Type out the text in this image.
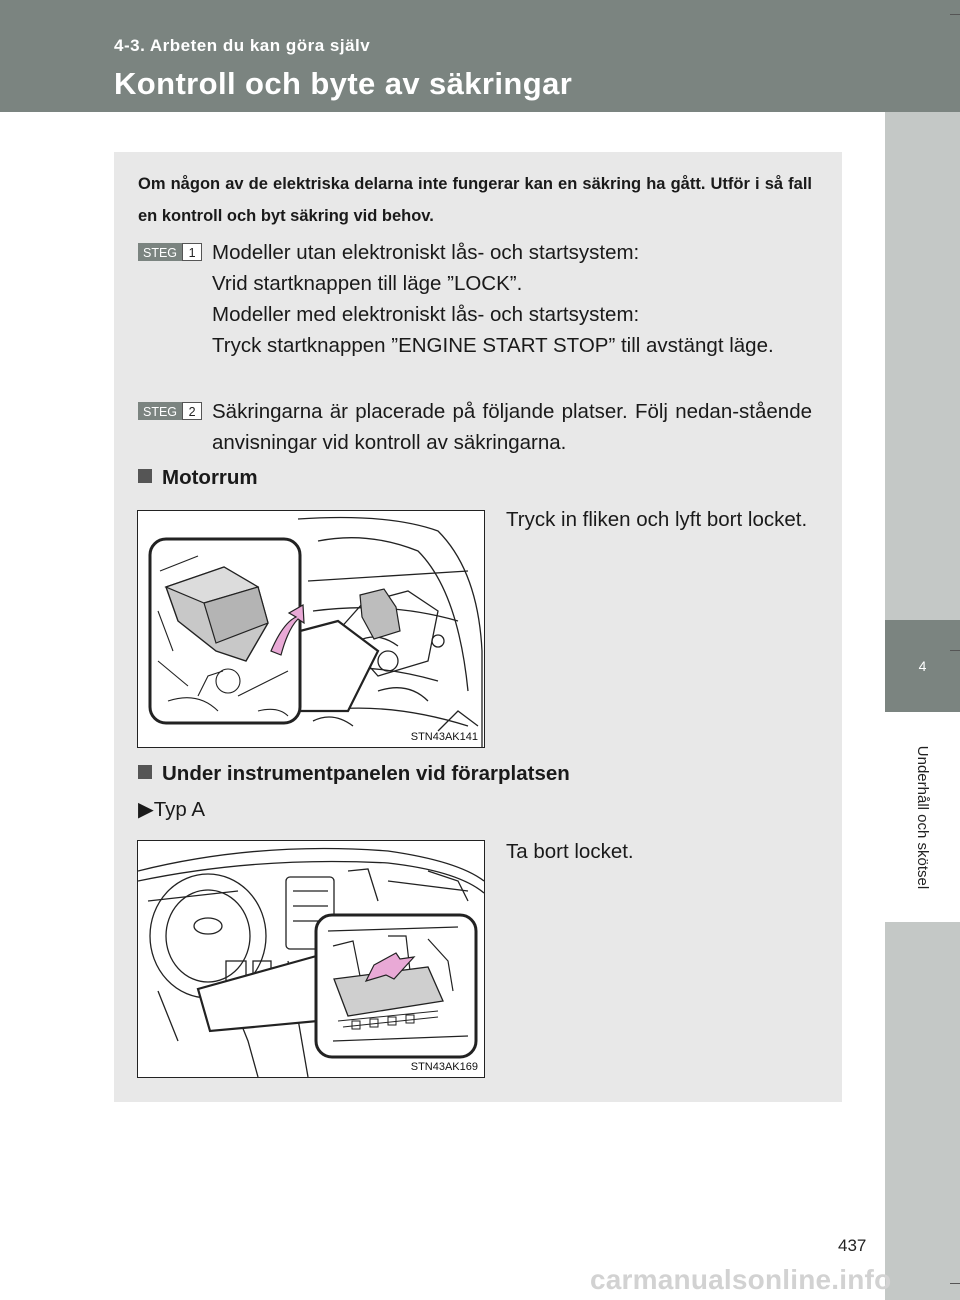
4-3. Arbeten du kan göra själv
Kontroll och byte av säkringar
4
Underhåll och skötsel
Om någon av de elektriska delarna inte fungerar kan en säkring ha gått. Utför i så fall en kontroll och byt säkring vid behov.
STEG 1 Modeller utan elektroniskt lås- och startsystem:
Vrid startknappen till läge ”LOCK”.
Modeller med elektroniskt lås- och startsystem:
Tryck startknappen ”ENGINE START STOP” till avstängt läge.
STEG 2 Säkringarna är placerade på följande platser. Följ nedan-stående anvisningar vid kontroll av säkringarna.
Motorrum
STN43AK141
Tryck in fliken och lyft bort locket.
Under instrumentpanelen vid förarplatsen
▶Typ A
STN43AK169
Ta bort locket.
437
carmanualsonline.info
